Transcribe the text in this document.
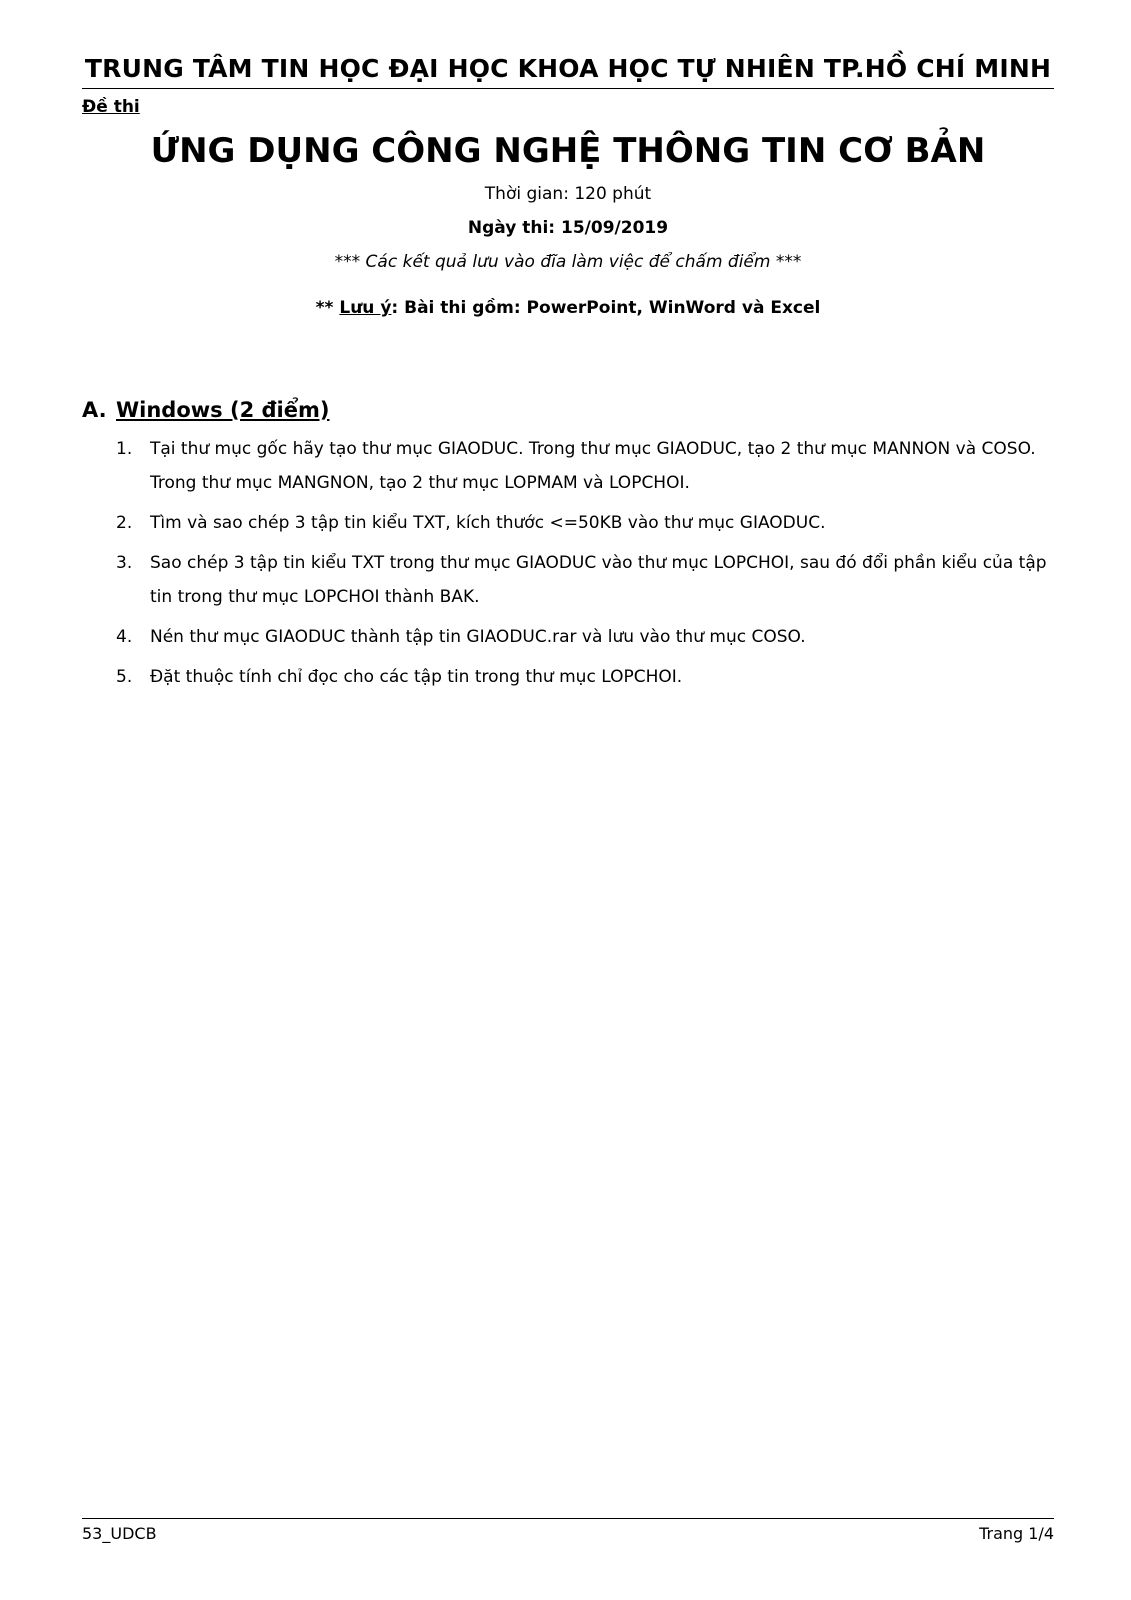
TRUNG TÂM TIN HỌC ĐẠI HỌC KHOA HỌC TỰ NHIÊN TP.HỒ CHÍ MINH
Đề thi
ỨNG DỤNG CÔNG NGHỆ THÔNG TIN CƠ BẢN
Thời gian: 120 phút
Ngày thi: 15/09/2019
*** Các kết quả lưu vào đĩa làm việc để chấm điểm ***
** Lưu ý: Bài thi gồm: PowerPoint, WinWord và Excel
A. Windows (2 điểm)
1. Tại thư mục gốc hãy tạo thư mục GIAODUC. Trong thư mục GIAODUC, tạo 2 thư mục MANNON và COSO. Trong thư mục MANGNON, tạo 2 thư mục LOPMAM và LOPCHOI.
2. Tìm và sao chép 3 tập tin kiểu TXT, kích thước <=50KB vào thư mục GIAODUC.
3. Sao chép 3 tập tin kiểu TXT trong thư mục GIAODUC vào thư mục LOPCHOI, sau đó đổi phần kiểu của tập tin trong thư mục LOPCHOI thành BAK.
4. Nén thư mục GIAODUC thành tập tin GIAODUC.rar và lưu vào thư mục COSO.
5. Đặt thuộc tính chỉ đọc cho các tập tin trong thư mục LOPCHOI.
53_UDCB	Trang 1/4
